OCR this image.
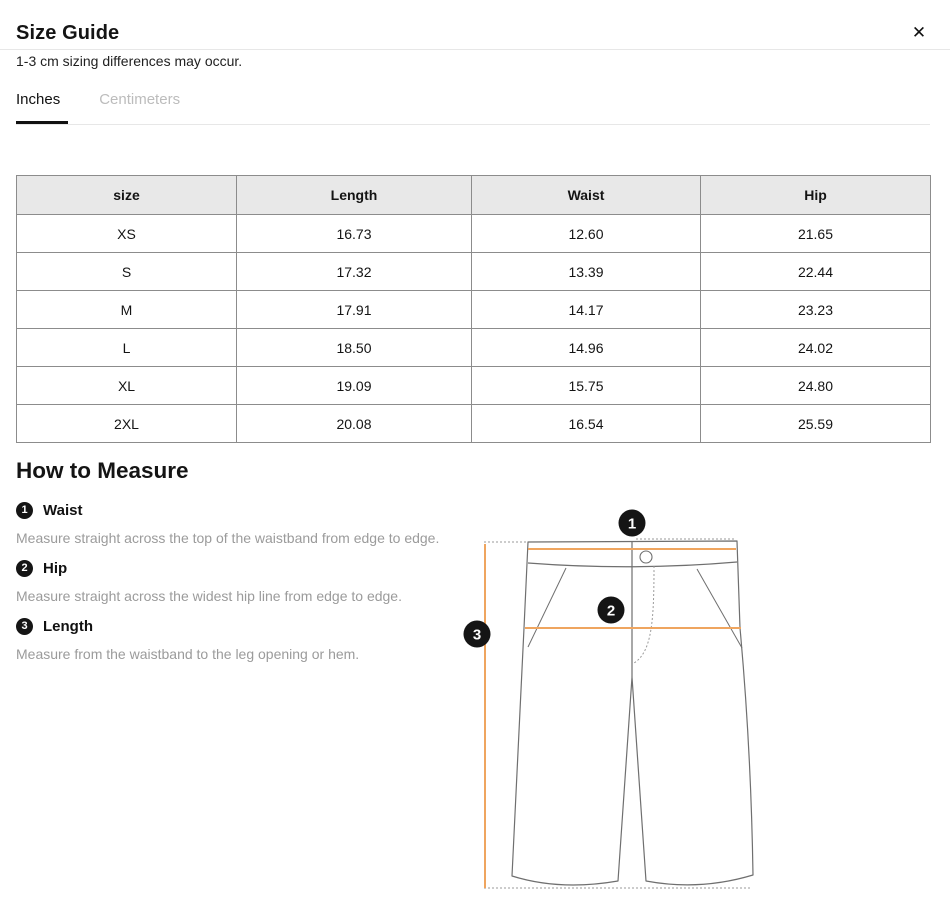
Size Guide	✕
1-3 cm sizing differences may occur.
Inches	Centimeters
size	Length	Waist	Hip
XS	16.73	12.60	21.65
S	17.32	13.39	22.44
M	17.91	14.17	23.23
L	18.50	14.96	24.02
XL	19.09	15.75	24.80
2XL	20.08	16.54	25.59
How to Measure
1	Waist
Measure straight across the top of the waistband from edge to edge.
2	Hip
Measure straight across the widest hip line from edge to edge.
3	Length
Measure from the waistband to the leg opening or hem.
1
2
3
